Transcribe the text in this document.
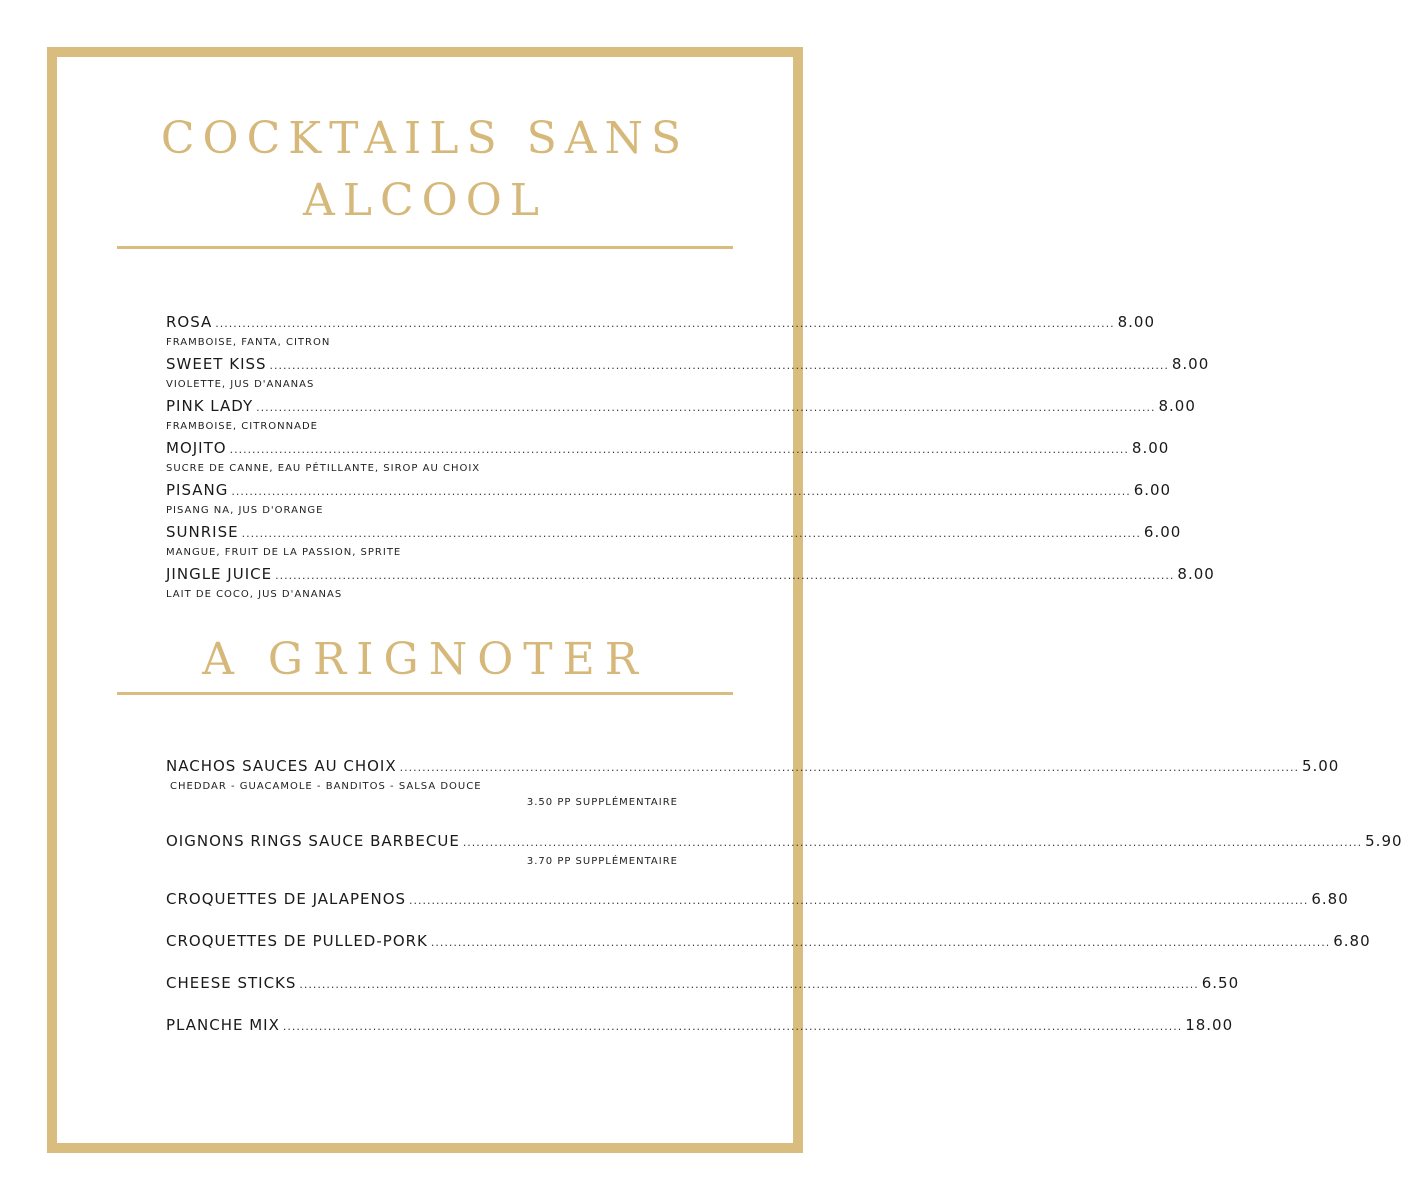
COCKTAILS SANS
ALCOOL
ROSA ........................................................................................................................................................................................................ 8.00
FRAMBOISE, FANTA, CITRON
SWEET KISS ........................................................................................................................................................................................................ 8.00
VIOLETTE, JUS D'ANANAS
PINK LADY ........................................................................................................................................................................................................ 8.00
FRAMBOISE, CITRONNADE
MOJITO ........................................................................................................................................................................................................ 8.00
SUCRE DE CANNE, EAU PÉTILLANTE, SIROP AU CHOIX
PISANG ........................................................................................................................................................................................................ 6.00
PISANG NA, JUS D'ORANGE
SUNRISE ........................................................................................................................................................................................................ 6.00
MANGUE, FRUIT DE LA PASSION, SPRITE
JINGLE JUICE ........................................................................................................................................................................................................ 8.00
LAIT DE COCO, JUS D'ANANAS
A GRIGNOTER
NACHOS SAUCES AU CHOIX ........................................................................................................................................................................................................ 5.00
CHEDDAR - GUACAMOLE - BANDITOS - SALSA DOUCE
3.50 PP SUPPLÉMENTAIRE
OIGNONS RINGS SAUCE BARBECUE ........................................................................................................................................................................................................ 5.90
3.70 PP SUPPLÉMENTAIRE
CROQUETTES DE JALAPENOS ........................................................................................................................................................................................................ 6.80
CROQUETTES DE PULLED-PORK ........................................................................................................................................................................................................ 6.80
CHEESE STICKS ........................................................................................................................................................................................................ 6.50
PLANCHE MIX ........................................................................................................................................................................................................ 18.00
